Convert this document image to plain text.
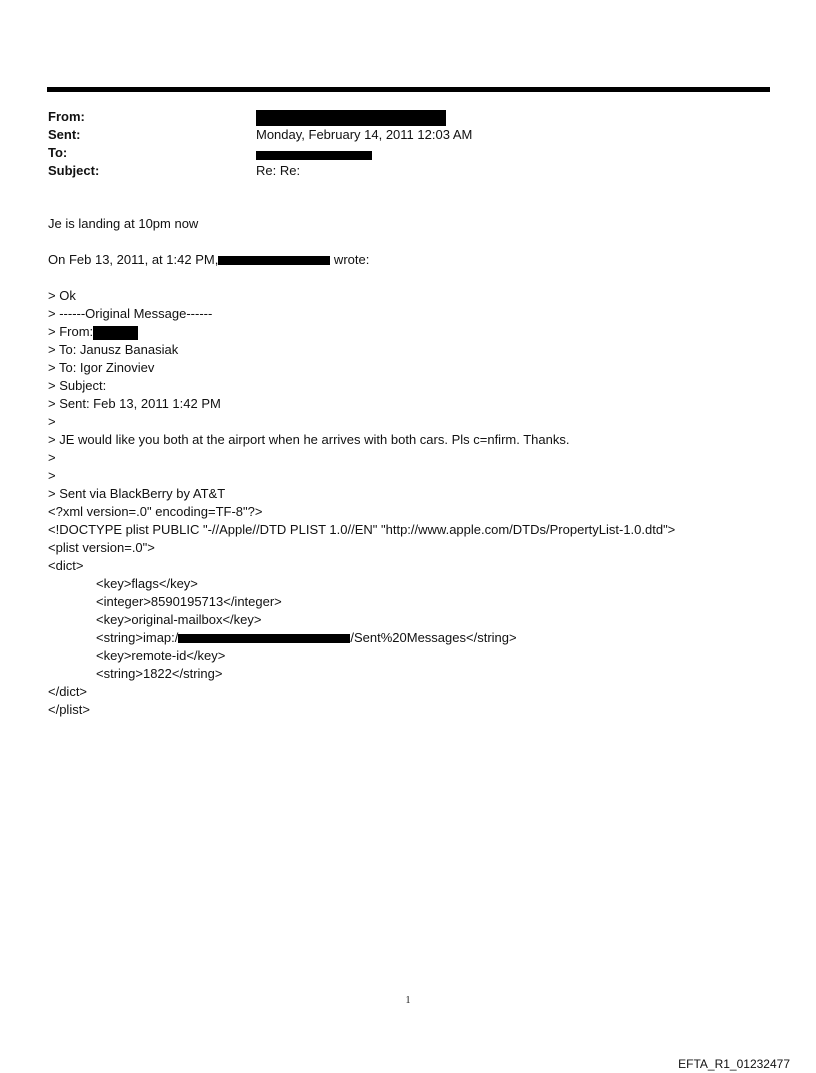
From:
Sent:	Monday, February 14, 2011 12:03 AM
To:
Subject:	Re: Re:
Je is landing at 10pm now
On Feb 13, 2011, at 1:42 PM,	wrote:
> Ok
> ------Original Message------
> From:
> To: Janusz Banasiak
> To: Igor Zinoviev
> Subject:
> Sent: Feb 13, 2011 1:42 PM
>
> JE would like you both at the airport when he arrives with both cars. Pls c=nfirm. Thanks.
>
>
> Sent via BlackBerry by AT&T
<?xml version=.0" encoding=TF-8"?>
<!DOCTYPE plist PUBLIC "-//Apple//DTD PLIST 1.0//EN" "http://www.apple.com/DTDs/PropertyList-1.0.dtd">
<plist version=.0">
<dict>
<key>flags</key>
<integer>8590195713</integer>
<key>original-mailbox</key>
<string>imap:/	/Sent%20Messages</string>
<key>remote-id</key>
<string>1822</string>
</dict>
</plist>
1
EFTA_R1_01232477
